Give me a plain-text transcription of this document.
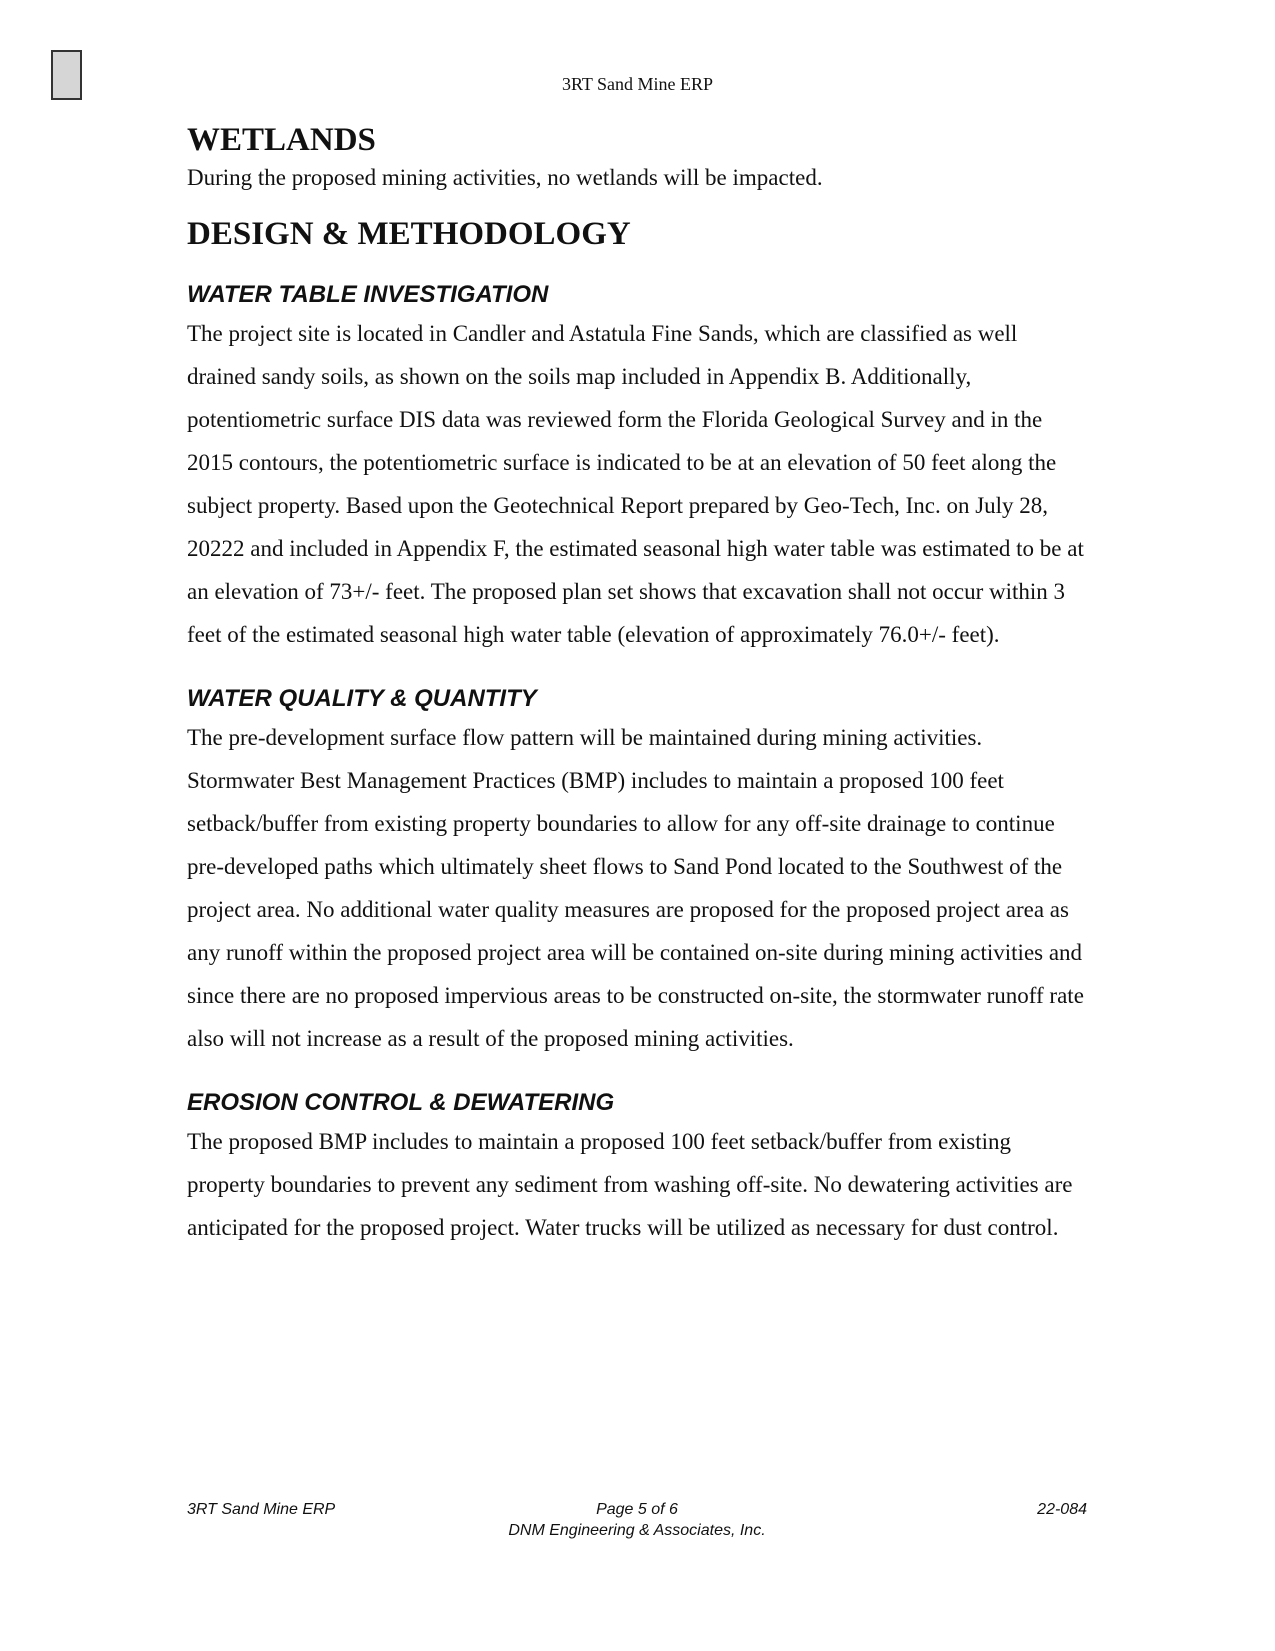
3RT Sand Mine ERP
WETLANDS

During the proposed mining activities, no wetlands will be impacted.

DESIGN & METHODOLOGY
WATER TABLE INVESTIGATION

The project site is located in Candler and Astatula Fine Sands, which are classified as well drained sandy soils, as shown on the soils map included in Appendix B. Additionally, potentiometric surface DIS data was reviewed form the Florida Geological Survey and in the 2015 contours, the potentiometric surface is indicated to be at an elevation of 50 feet along the subject property. Based upon the Geotechnical Report prepared by Geo-Tech, Inc. on July 28, 20222 and included in Appendix F, the estimated seasonal high water table was estimated to be at an elevation of 73+/- feet. The proposed plan set shows that excavation shall not occur within 3 feet of the estimated seasonal high water table (elevation of approximately 76.0+/- feet).

WATER QUALITY & QUANTITY

The pre-development surface flow pattern will be maintained during mining activities. Stormwater Best Management Practices (BMP) includes to maintain a proposed 100 feet setback/buffer from existing property boundaries to allow for any off-site drainage to continue pre-developed paths which ultimately sheet flows to Sand Pond located to the Southwest of the project area. No additional water quality measures are proposed for the proposed project area as any runoff within the proposed project area will be contained on-site during mining activities and since there are no proposed impervious areas to be constructed on-site, the stormwater runoff rate also will not increase as a result of the proposed mining activities.

EROSION CONTROL & DEWATERING

The proposed BMP includes to maintain a proposed 100 feet setback/buffer from existing property boundaries to prevent any sediment from washing off-site. No dewatering activities are anticipated for the proposed project. Water trucks will be utilized as necessary for dust control.

3RT Sand Mine ERP	Page 5 of 6	22-084
DNM Engineering & Associates, Inc.
